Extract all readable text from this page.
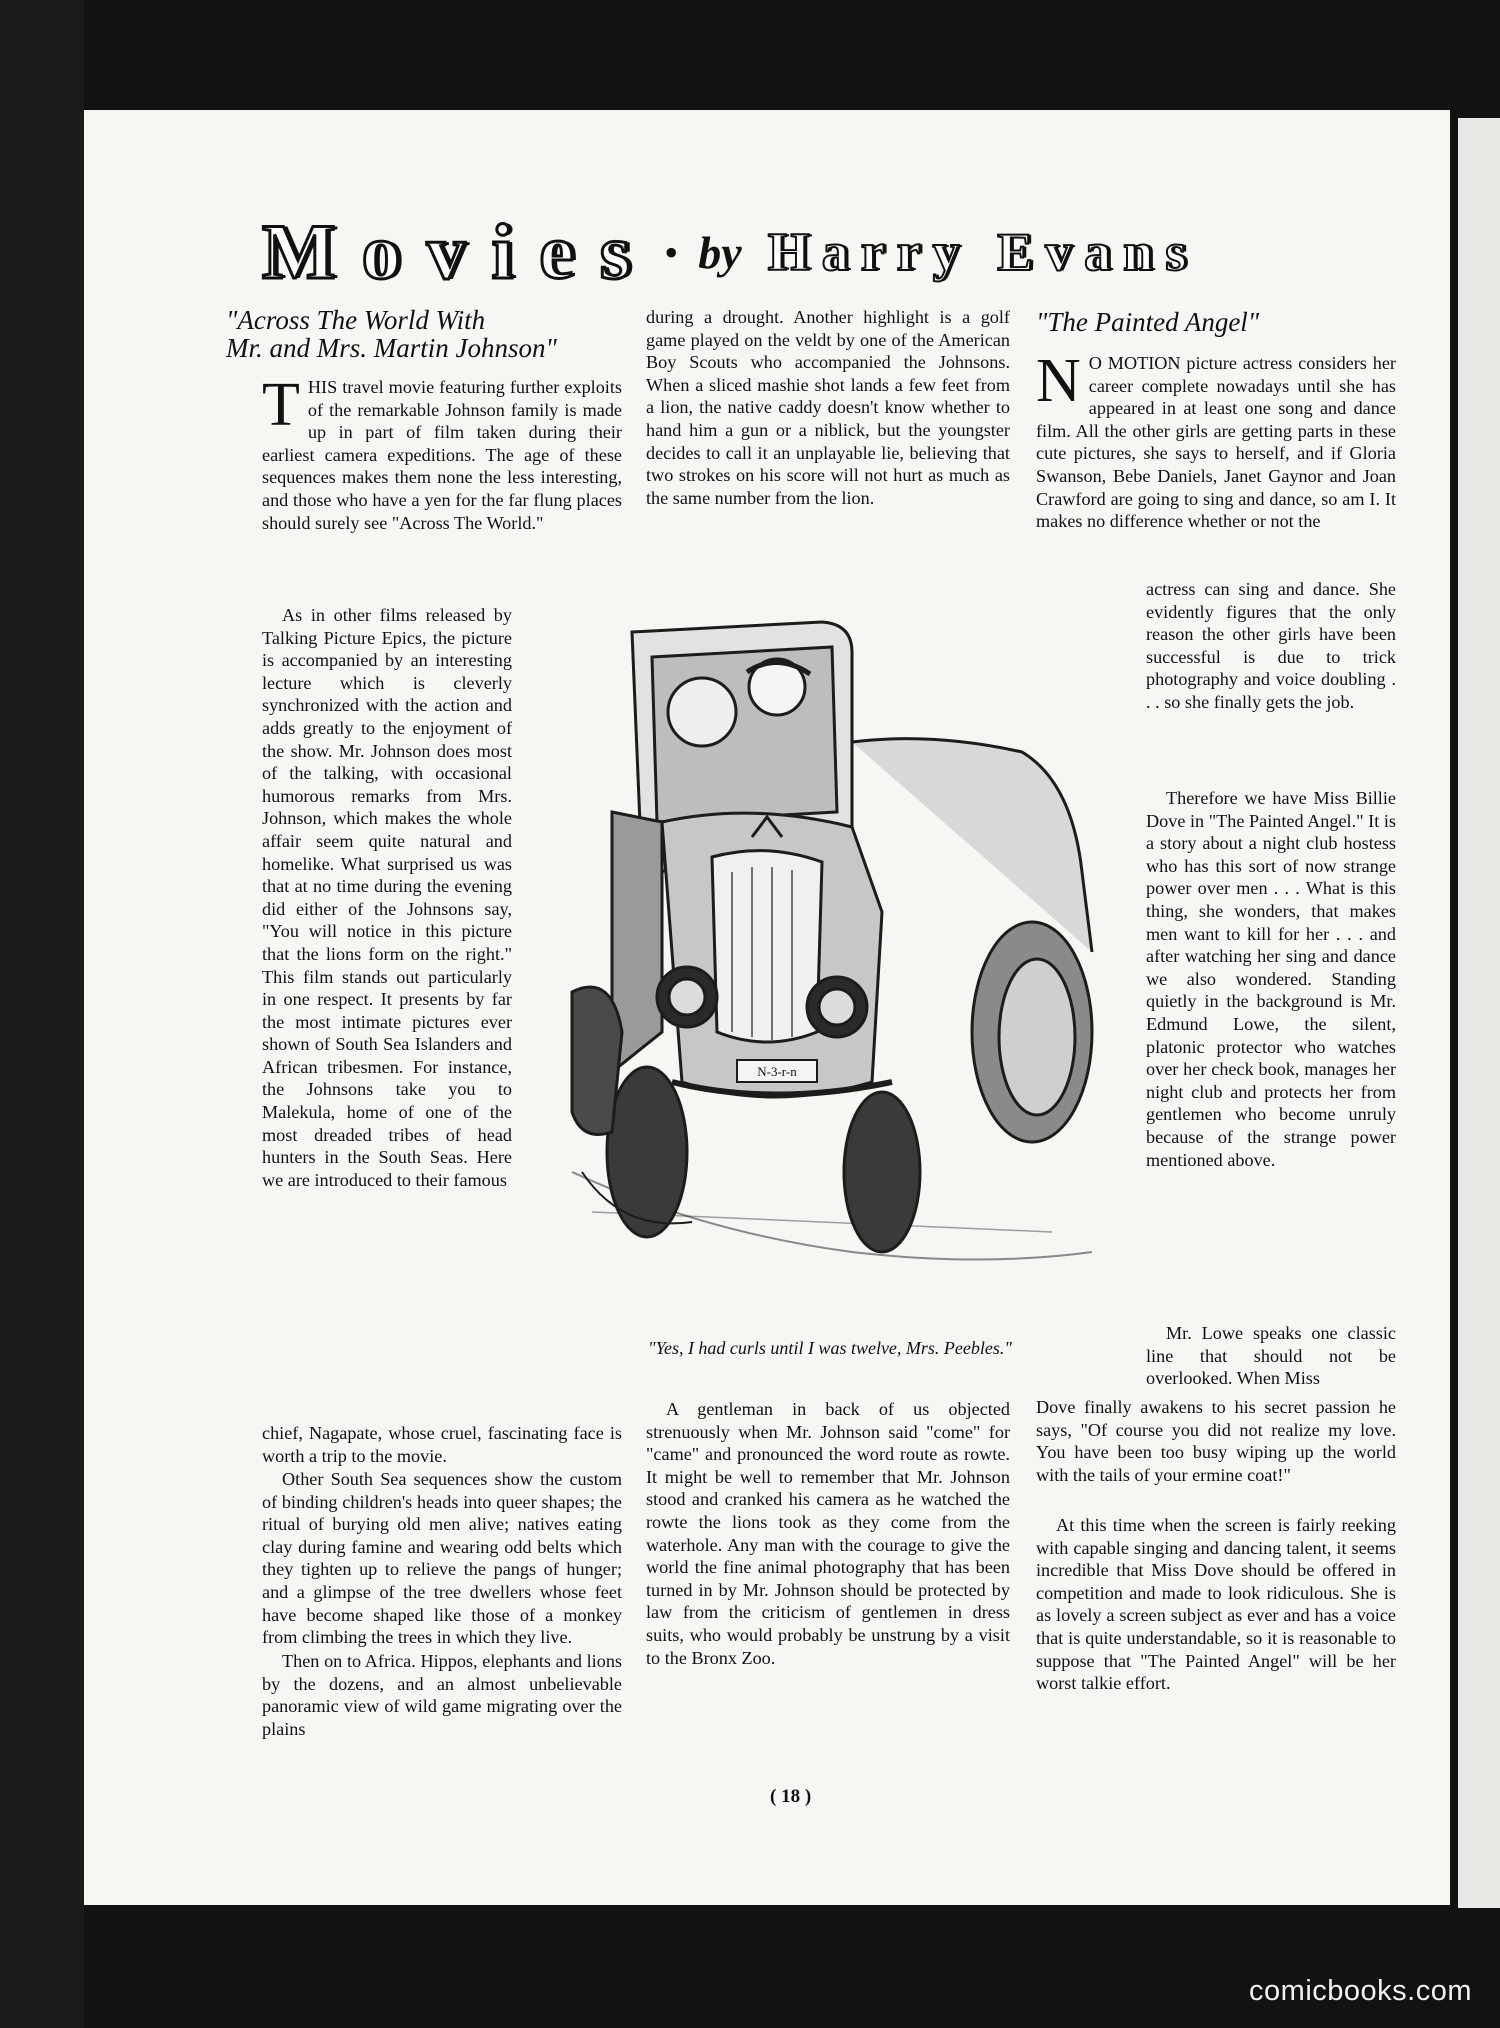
Movies • by Harry Evans
"Across The World With
Mr. and Mrs. Martin Johnson"

THIS travel movie featuring further exploits of the remarkable Johnson family is made up in part of film taken during their earliest camera expeditions. The age of these sequences makes them none the less interesting, and those who have a yen for the far flung places should surely see "Across The World."

As in other films released by Talking Picture Epics, the picture is accompanied by an interesting lecture which is cleverly synchronized with the action and adds greatly to the enjoyment of the show. Mr. Johnson does most of the talking, with occasional humorous remarks from Mrs. Johnson, which makes the whole affair seem quite natural and homelike. What surprised us was that at no time during the evening did either of the Johnsons say, "You will notice in this picture that the lions form on the right." This film stands out particularly in one respect. It presents by far the most intimate pictures ever shown of South Sea Islanders and African tribesmen. For instance, the Johnsons take you to Malekula, home of one of the most dreaded tribes of head hunters in the South Seas. Here we are introduced to their famous

chief, Nagapate, whose cruel, fascinating face is worth a trip to the movie.

Other South Sea sequences show the custom of binding children's heads into queer shapes; the ritual of burying old men alive; natives eating clay during famine and wearing odd belts which they tighten up to relieve the pangs of hunger; and a glimpse of the tree dwellers whose feet have become shaped like those of a monkey from climbing the trees in which they live.

Then on to Africa. Hippos, elephants and lions by the dozens, and an almost unbelievable panoramic view of wild game migrating over the plains

during a drought. Another highlight is a golf game played on the veldt by one of the American Boy Scouts who accompanied the Johnsons. When a sliced mashie shot lands a few feet from a lion, the native caddy doesn't know whether to hand him a gun or a niblick, but the youngster decides to call it an unplayable lie, believing that two strokes on his score will not hurt as much as the same number from the lion.

A gentleman in back of us objected strenuously when Mr. Johnson said "come" for "came" and pronounced the word route as rowte. It might be well to remember that Mr. Johnson stood and cranked his camera as he watched the rowte the lions took as they come from the waterhole. Any man with the courage to give the world the fine animal photography that has been turned in by Mr. Johnson should be protected by law from the criticism of gentlemen in dress suits, who would probably be unstrung by a visit to the Bronx Zoo.

"The Painted Angel"

N O MOTION picture actress considers her career complete nowadays until she has appeared in at least one song and dance film. All the other girls are getting parts in these cute pictures, she says to herself, and if Gloria Swanson, Bebe Daniels, Janet Gaynor and Joan Crawford are going to sing and dance, so am I. It makes no difference whether or not the

actress can sing and dance. She evidently figures that the only reason the other girls have been successful is due to trick photography and voice doubling . . . so she finally gets the job.

Therefore we have Miss Billie Dove in "The Painted Angel." It is a story about a night club hostess who has this sort of now strange power over men . . . What is this thing, she wonders, that makes men want to kill for her . . . and after watching her sing and dance we also wondered. Standing quietly in the background is Mr. Edmund Lowe, the silent, platonic protector who watches over her check book, manages her night club and protects her from gentlemen who become unruly because of the strange power mentioned above.

Mr. Lowe speaks one classic line that should not be overlooked. When Miss

Dove finally awakens to his secret passion he says, "Of course you did not realize my love. You have been too busy wiping up the world with the tails of your ermine coat!"

At this time when the screen is fairly reeking with capable singing and dancing talent, it seems incredible that Miss Dove should be offered in competition and made to look ridiculous. She is as lovely a screen subject as ever and has a voice that is quite understandable, so it is reasonable to suppose that "The Painted Angel" will be her worst talkie effort.

N-3-r-n
"Yes, I had curls until I was twelve, Mrs. Peebles."
( 18 )
comicbooks.com
